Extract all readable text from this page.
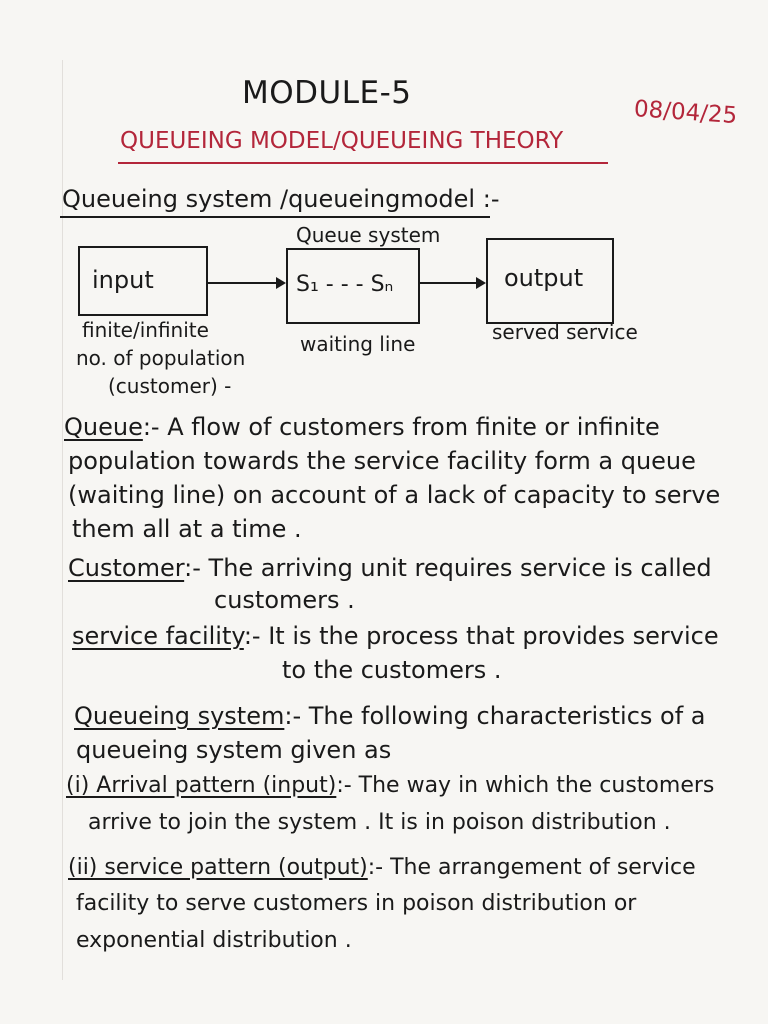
MODULE-5
08/04/25
QUEUEING MODEL/QUEUEING THEORY
Queueing system /queueingmodel :-
Queue system
input	S₁ - - - Sₙ	output
finite/infinite
no. of population
(customer) -
waiting line	served service
Queue:- A flow of customers from finite or infinite
population towards the service facility form a queue
(waiting line) on account of a lack of capacity to serve
them all at a time .
Customer:- The arriving unit requires service is called
customers .
service facility:- It is the process that provides service
to the customers .
Queueing system:- The following characteristics of a
queueing system given as
(i) Arrival pattern (input):- The way in which the customers
arrive to join the system . It is in poison distribution .
(ii) service pattern (output):- The arrangement of service
facility to serve customers in poison distribution or
exponential distribution .
